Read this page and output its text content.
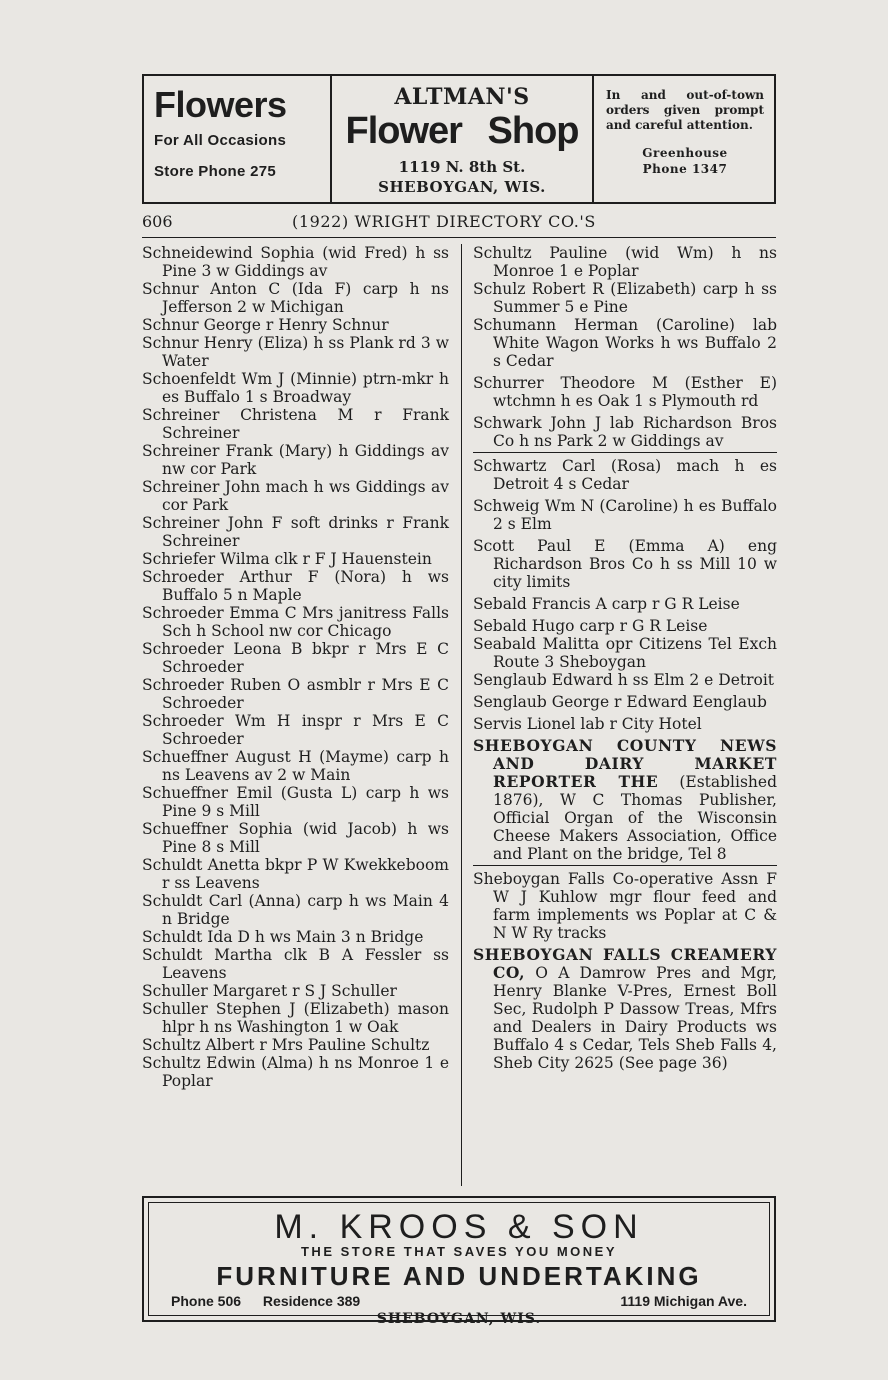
Flowers
For All Occasions
Store Phone 275
ALTMAN'S
Flower Shop
1119 N. 8th St.
SHEBOYGAN, WIS.
In and out-of-town orders given prompt and careful attention.
Greenhouse
Phone 1347
606	(1922) WRIGHT DIRECTORY CO.'S
Schneidewind Sophia (wid Fred) h ss Pine 3 w Giddings av
Schnur Anton C (Ida F) carp h ns Jefferson 2 w Michigan
Schnur George r Henry Schnur
Schnur Henry (Eliza) h ss Plank rd 3 w Water
Schoenfeldt Wm J (Minnie) ptrn-mkr h es Buffalo 1 s Broadway
Schreiner Christena M r Frank Schreiner
Schreiner Frank (Mary) h Giddings av nw cor Park
Schreiner John mach h ws Giddings av cor Park
Schreiner John F soft drinks r Frank Schreiner
Schriefer Wilma clk r F J Hauenstein
Schroeder Arthur F (Nora) h ws Buffalo 5 n Maple
Schroeder Emma C Mrs janitress Falls Sch h School nw cor Chicago
Schroeder Leona B bkpr r Mrs E C Schroeder
Schroeder Ruben O asmblr r Mrs E C Schroeder
Schroeder Wm H inspr r Mrs E C Schroeder
Schueffner August H (Mayme) carp h ns Leavens av 2 w Main
Schueffner Emil (Gusta L) carp h ws Pine 9 s Mill
Schueffner Sophia (wid Jacob) h ws Pine 8 s Mill
Schuldt Anetta bkpr P W Kwekkeboom r ss Leavens
Schuldt Carl (Anna) carp h ws Main 4 n Bridge
Schuldt Ida D h ws Main 3 n Bridge
Schuldt Martha clk B A Fessler ss Leavens
Schuller Margaret r S J Schuller
Schuller Stephen J (Elizabeth) mason hlpr h ns Washington 1 w Oak
Schultz Albert r Mrs Pauline Schultz
Schultz Edwin (Alma) h ns Monroe 1 e Poplar
Schultz Pauline (wid Wm) h ns Monroe 1 e Poplar
Schulz Robert R (Elizabeth) carp h ss Summer 5 e Pine
Schumann Herman (Caroline) lab White Wagon Works h ws Buffalo 2 s Cedar
Schurrer Theodore M (Esther E) wtchmn h es Oak 1 s Plymouth rd
Schwark John J lab Richardson Bros Co h ns Park 2 w Giddings av
Schwartz Carl (Rosa) mach h es Detroit 4 s Cedar
Schweig Wm N (Caroline) h es Buffalo 2 s Elm
Scott Paul E (Emma A) eng Richardson Bros Co h ss Mill 10 w city limits
Sebald Francis A carp r G R Leise
Sebald Hugo carp r G R Leise
Seabald Malitta opr Citizens Tel Exch Route 3 Sheboygan
Senglaub Edward h ss Elm 2 e Detroit
Senglaub George r Edward Eenglaub
Servis Lionel lab r City Hotel
SHEBOYGAN COUNTY NEWS AND DAIRY MARKET REPORTER THE (Established 1876), W C Thomas Publisher, Official Organ of the Wisconsin Cheese Makers Association, Office and Plant on the bridge, Tel 8
Sheboygan Falls Co-operative Assn F W J Kuhlow mgr flour feed and farm implements ws Poplar at C & N W Ry tracks
SHEBOYGAN FALLS CREAMERY CO, O A Damrow Pres and Mgr, Henry Blanke V-Pres, Ernest Boll Sec, Rudolph P Dassow Treas, Mfrs and Dealers in Dairy Products ws Buffalo 4 s Cedar, Tels Sheb Falls 4, Sheb City 2625 (See page 36)
M. KROOS & SON
THE STORE THAT SAVES YOU MONEY
FURNITURE AND UNDERTAKING
Phone 506 Residence 389	1119 Michigan Ave.
SHEBOYGAN, WIS.
